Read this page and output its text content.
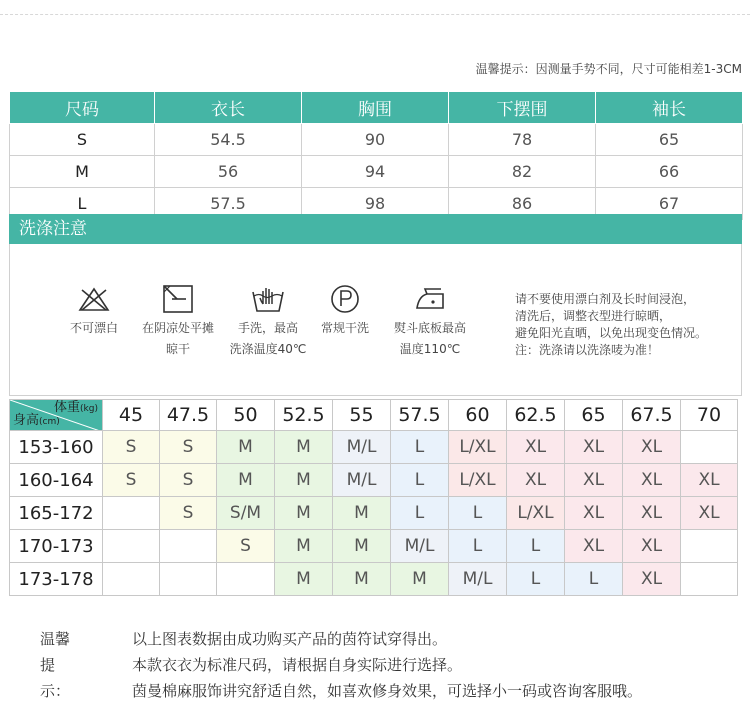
温馨提示：因测量手势不同，尺寸可能相差1-3CM
尺码	衣长	胸围	下摆围	袖长
S	54.5	90	78	65
M	56	94	82	66
L	57.5	98	86	67
洗涤注意
不可漂白	在阴凉处平摊
晾干
手洗，最高
洗涤温度40℃
常规干洗	熨斗底板最高
温度110℃
请不要使用漂白剂及长时间浸泡，
清洗后，调整衣型进行晾晒，
避免阳光直晒，以免出现变色情况。
注：洗涤请以洗涤唛为准！
体重(kg)
身高(cm)	45	47.5	50	52.5	55	57.5	60	62.5	65	67.5	70
153-160	S	S	M	M	M/L	L	L/XL	XL	XL	XL	
160-164	S	S	M	M	M/L	L	L/XL	XL	XL	XL	XL
165-172		S	S/M	M	M	L	L	L/XL	XL	XL	XL
170-173			S	M	M	M/L	L	L	XL	XL	
173-178				M	M	M	M/L	L	L	XL	
温馨提示：
以上图表数据由成功购买产品的茵符试穿得出。
本款衣衣为标准尺码，请根据自身实际进行选择。
茵曼棉麻服饰讲究舒适自然，如喜欢修身效果，可选择小一码或咨询客服哦。
